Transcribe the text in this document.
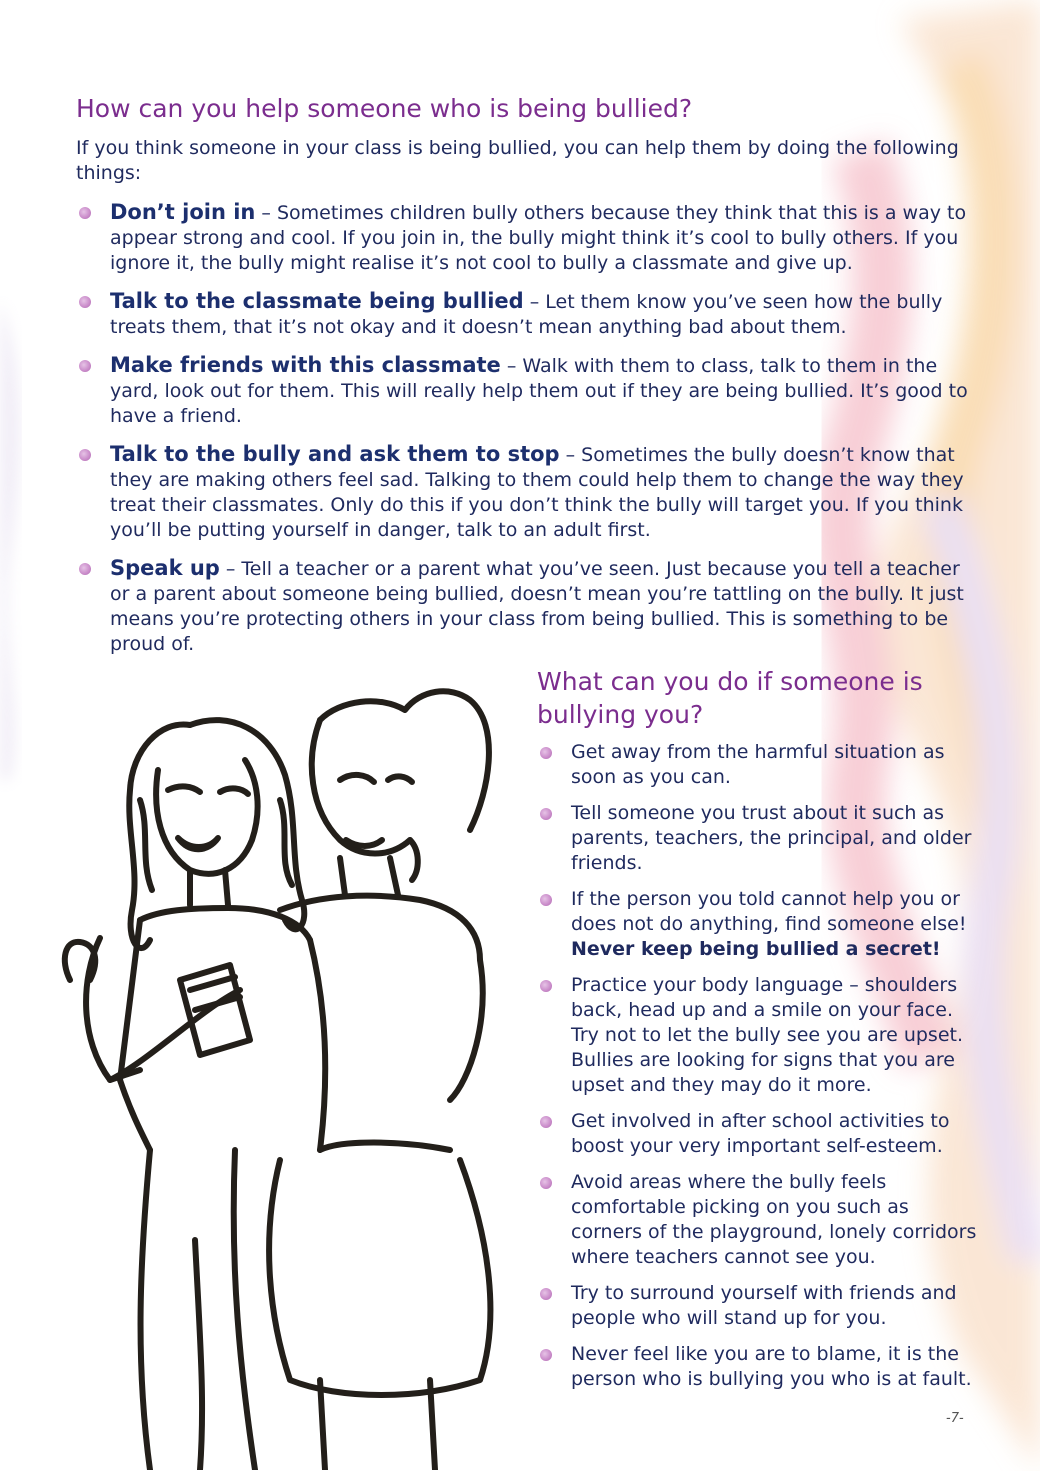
How can you help someone who is being bullied?

If you think someone in your class is being bullied, you can help them by doing the following things:

Don’t join in – Sometimes children bully others because they think that this is a way to appear strong and cool. If you join in, the bully might think it’s cool to bully others. If you ignore it, the bully might realise it’s not cool to bully a classmate and give up.
Talk to the classmate being bullied – Let them know you’ve seen how the bully treats them, that it’s not okay and it doesn’t mean anything bad about them.
Make friends with this classmate – Walk with them to class, talk to them in the yard, look out for them. This will really help them out if they are being bullied. It’s good to have a friend.
Talk to the bully and ask them to stop – Sometimes the bully doesn’t know that they are making others feel sad. Talking to them could help them to change the way they treat their classmates. Only do this if you don’t think the bully will target you. If you think you’ll be putting yourself in danger, talk to an adult first.
Speak up – Tell a teacher or a parent what you’ve seen. Just because you tell a teacher or a parent about someone being bullied, doesn’t mean you’re tattling on the bully. It just means you’re protecting others in your class from being bullied. This is something to be proud of.
What can you do if someone is bullying you?
Get away from the harmful situation as soon as you can.
Tell someone you trust about it such as parents, teachers, the principal, and older friends.
If the person you told cannot help you or does not do anything, find someone else!
Never keep being bullied a secret!
Practice your body language – shoulders back, head up and a smile on your face. Try not to let the bully see you are upset. Bullies are looking for signs that you are upset and they may do it more.
Get involved in after school activities to boost your very important self-esteem.
Avoid areas where the bully feels comfortable picking on you such as corners of the playground, lonely corridors where teachers cannot see you.
Try to surround yourself with friends and people who will stand up for you.
Never feel like you are to blame, it is the person who is bullying you who is at fault.
-7-
